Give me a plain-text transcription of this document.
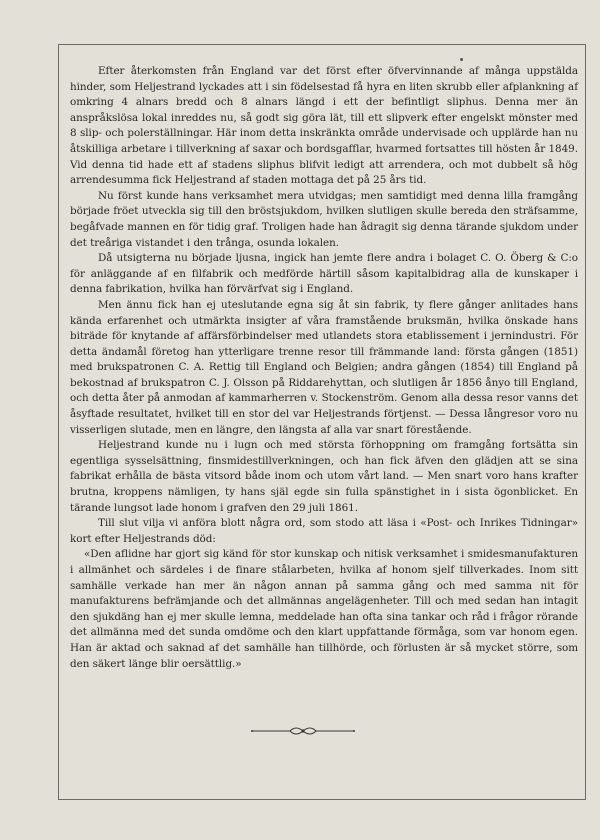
Efter återkomsten från England var det först efter öfvervinnande af många uppstälda hinder, som Heljestrand lyckades att i sin födelsestad få hyra en liten skrubb eller afplankning af omkring 4 alnars bredd och 8 alnars längd i ett der befintligt sliphus. Denna mer än anspråkslösa lokal inreddes nu, så godt sig göra lät, till ett slipverk efter engelskt mönster med 8 slip- och polerställningar. Här inom detta inskränkta område undervisade och upplärde han nu åtskilliga arbetare i tillverkning af saxar och bordsgafflar, hvarmed fortsattes till hösten år 1849. Vid denna tid hade ett af stadens sliphus blifvit ledigt att arrendera, och mot dubbelt så hög arrendesumma fick Heljestrand af staden mottaga det på 25 års tid.

Nu först kunde hans verksamhet mera utvidgas; men samtidigt med denna lilla framgång började fröet utveckla sig till den bröstsjukdom, hvilken slutligen skulle bereda den sträfsamme, begåfvade mannen en för tidig graf. Troligen hade han ådragit sig denna tärande sjukdom under det treåriga vistandet i den trånga, osunda lokalen.

Då utsigterna nu började ljusna, ingick han jemte flere andra i bolaget C. O. Öberg & C:o för anläggande af en filfabrik och medförde härtill såsom kapitalbidrag alla de kunskaper i denna fabrikation, hvilka han förvärfvat sig i England.

Men ännu fick han ej uteslutande egna sig åt sin fabrik, ty flere gånger anlitades hans kända erfarenhet och utmärkta insigter af våra framstående bruksmän, hvilka önskade hans biträde för knytande af affärsförbindelser med utlandets stora etablissement i jernindustri. För detta ändamål företog han ytterligare trenne resor till främmande land: första gången (1851) med brukspatronen C. A. Rettig till England och Belgien; andra gången (1854) till England på bekostnad af brukspatron C. J. Olsson på Riddarehyttan, och slutligen år 1856 ånyo till England, och detta åter på anmodan af kammarherren v. Stockenström. Genom alla dessa resor vanns det åsyftade resultatet, hvilket till en stor del var Heljestrands förtjenst. — Dessa långresor voro nu visserligen slutade, men en längre, den längsta af alla var snart förestående.

Heljestrand kunde nu i lugn och med största förhoppning om framgång fortsätta sin egentliga sysselsättning, finsmidestillverkningen, och han fick äfven den glädjen att se sina fabrikat erhålla de bästa vitsord både inom och utom vårt land. — Men snart voro hans krafter brutna, kroppens nämligen, ty hans själ egde sin fulla spänstighet in i sista ögonblicket. En tärande lungsot lade honom i grafven den 29 juli 1861.

Till slut vilja vi anföra blott några ord, som stodo att läsa i «Post- och Inrikes Tidningar» kort efter Heljestrands död:

«Den aflidne har gjort sig känd för stor kunskap och nitisk verksamhet i smidesmanufakturen i allmänhet och särdeles i de finare stålarbeten, hvilka af honom sjelf tillverkades. Inom sitt samhälle verkade han mer än någon annan på samma gång och med samma nit för manufakturens befrämjande och det allmännas angelägenheter. Till och med sedan han intagit den sjukdäng han ej mer skulle lemna, meddelade han ofta sina tankar och råd i frågor rörande det allmänna med det sunda omdöme och den klart uppfattande förmåga, som var honom egen. Han är aktad och saknad af det samhälle han tillhörde, och förlusten är så mycket större, som den säkert länge blir oersättlig.»
